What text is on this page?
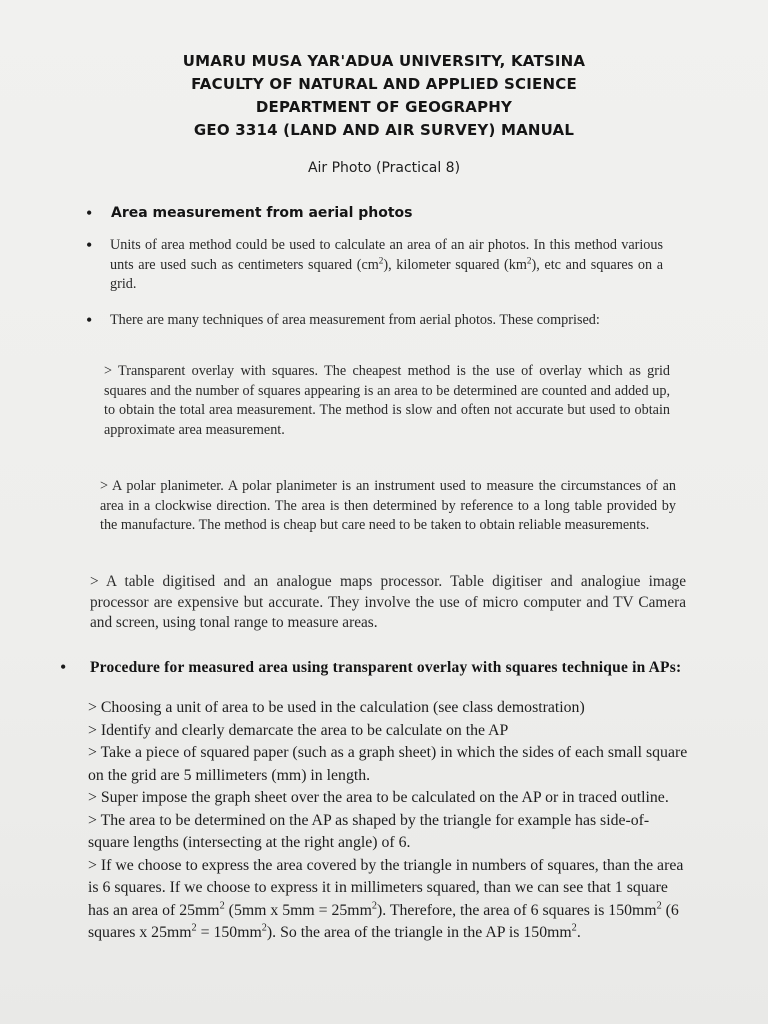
UMARU MUSA YAR'ADUA UNIVERSITY, KATSINA
FACULTY OF NATURAL AND APPLIED SCIENCE
DEPARTMENT OF GEOGRAPHY
GEO 3314 (LAND AND AIR SURVEY) MANUAL
Air Photo (Practical 8)
• Area measurement from aerial photos
• Units of area method could be used to calculate an area of an air photos. In this method various unts are used such as centimeters squared $(cm^2)$, kilometer squared $(km^2)$, etc and squares on a grid.
• There are many techniques of area measurement from aerial photos. These comprised:
> Transparent overlay with squares. The cheapest method is the use of overlay which as grid squares and the number of squares appearing is an area to be determined are counted and added up, to obtain the total area measurement. The method is slow and often not accurate but used to obtain approximate area measurement.
> A polar planimeter. A polar planimeter is an instrument used to measure the circumstances of an area in a clockwise direction. The area is then determined by reference to a long table provided by the manufacture. The method is cheap but care need to be taken to obtain reliable measurements.
> A table digitised and an analogue maps processor. Table digitiser and analogiue image processor are expensive but accurate. They involve the use of micro computer and TV Camera and screen, using tonal range to measure areas.
• Procedure for measured area using transparent overlay with squares technique in APs:
> Choosing a unit of area to be used in the calculation (see class demostration)
> Identify and clearly demarcate the area to be calculate on the AP
> Take a piece of squared paper (such as a graph sheet) in which the sides of each small square on the grid are 5 millimeters (mm) in length.
> Super impose the graph sheet over the area to be calculated on the AP or in traced outline.
> The area to be determined on the AP as shaped by the triangle for example has side-of-square lengths (intersecting at the right angle) of 6.
> If we choose to express the area covered by the triangle in numbers of squares, than the area is 6 squares. If we choose to express it in millimeters squared, than we can see that 1 square has an area of $25mm^2$ (5mm x $5mm = 25mm^2$). Therefore, the area of 6 squares is $150mm^2$ (6 squares x $25mm^2 = 150mm^2$). So the area of the triangle in the AP is $150mm^2$.
